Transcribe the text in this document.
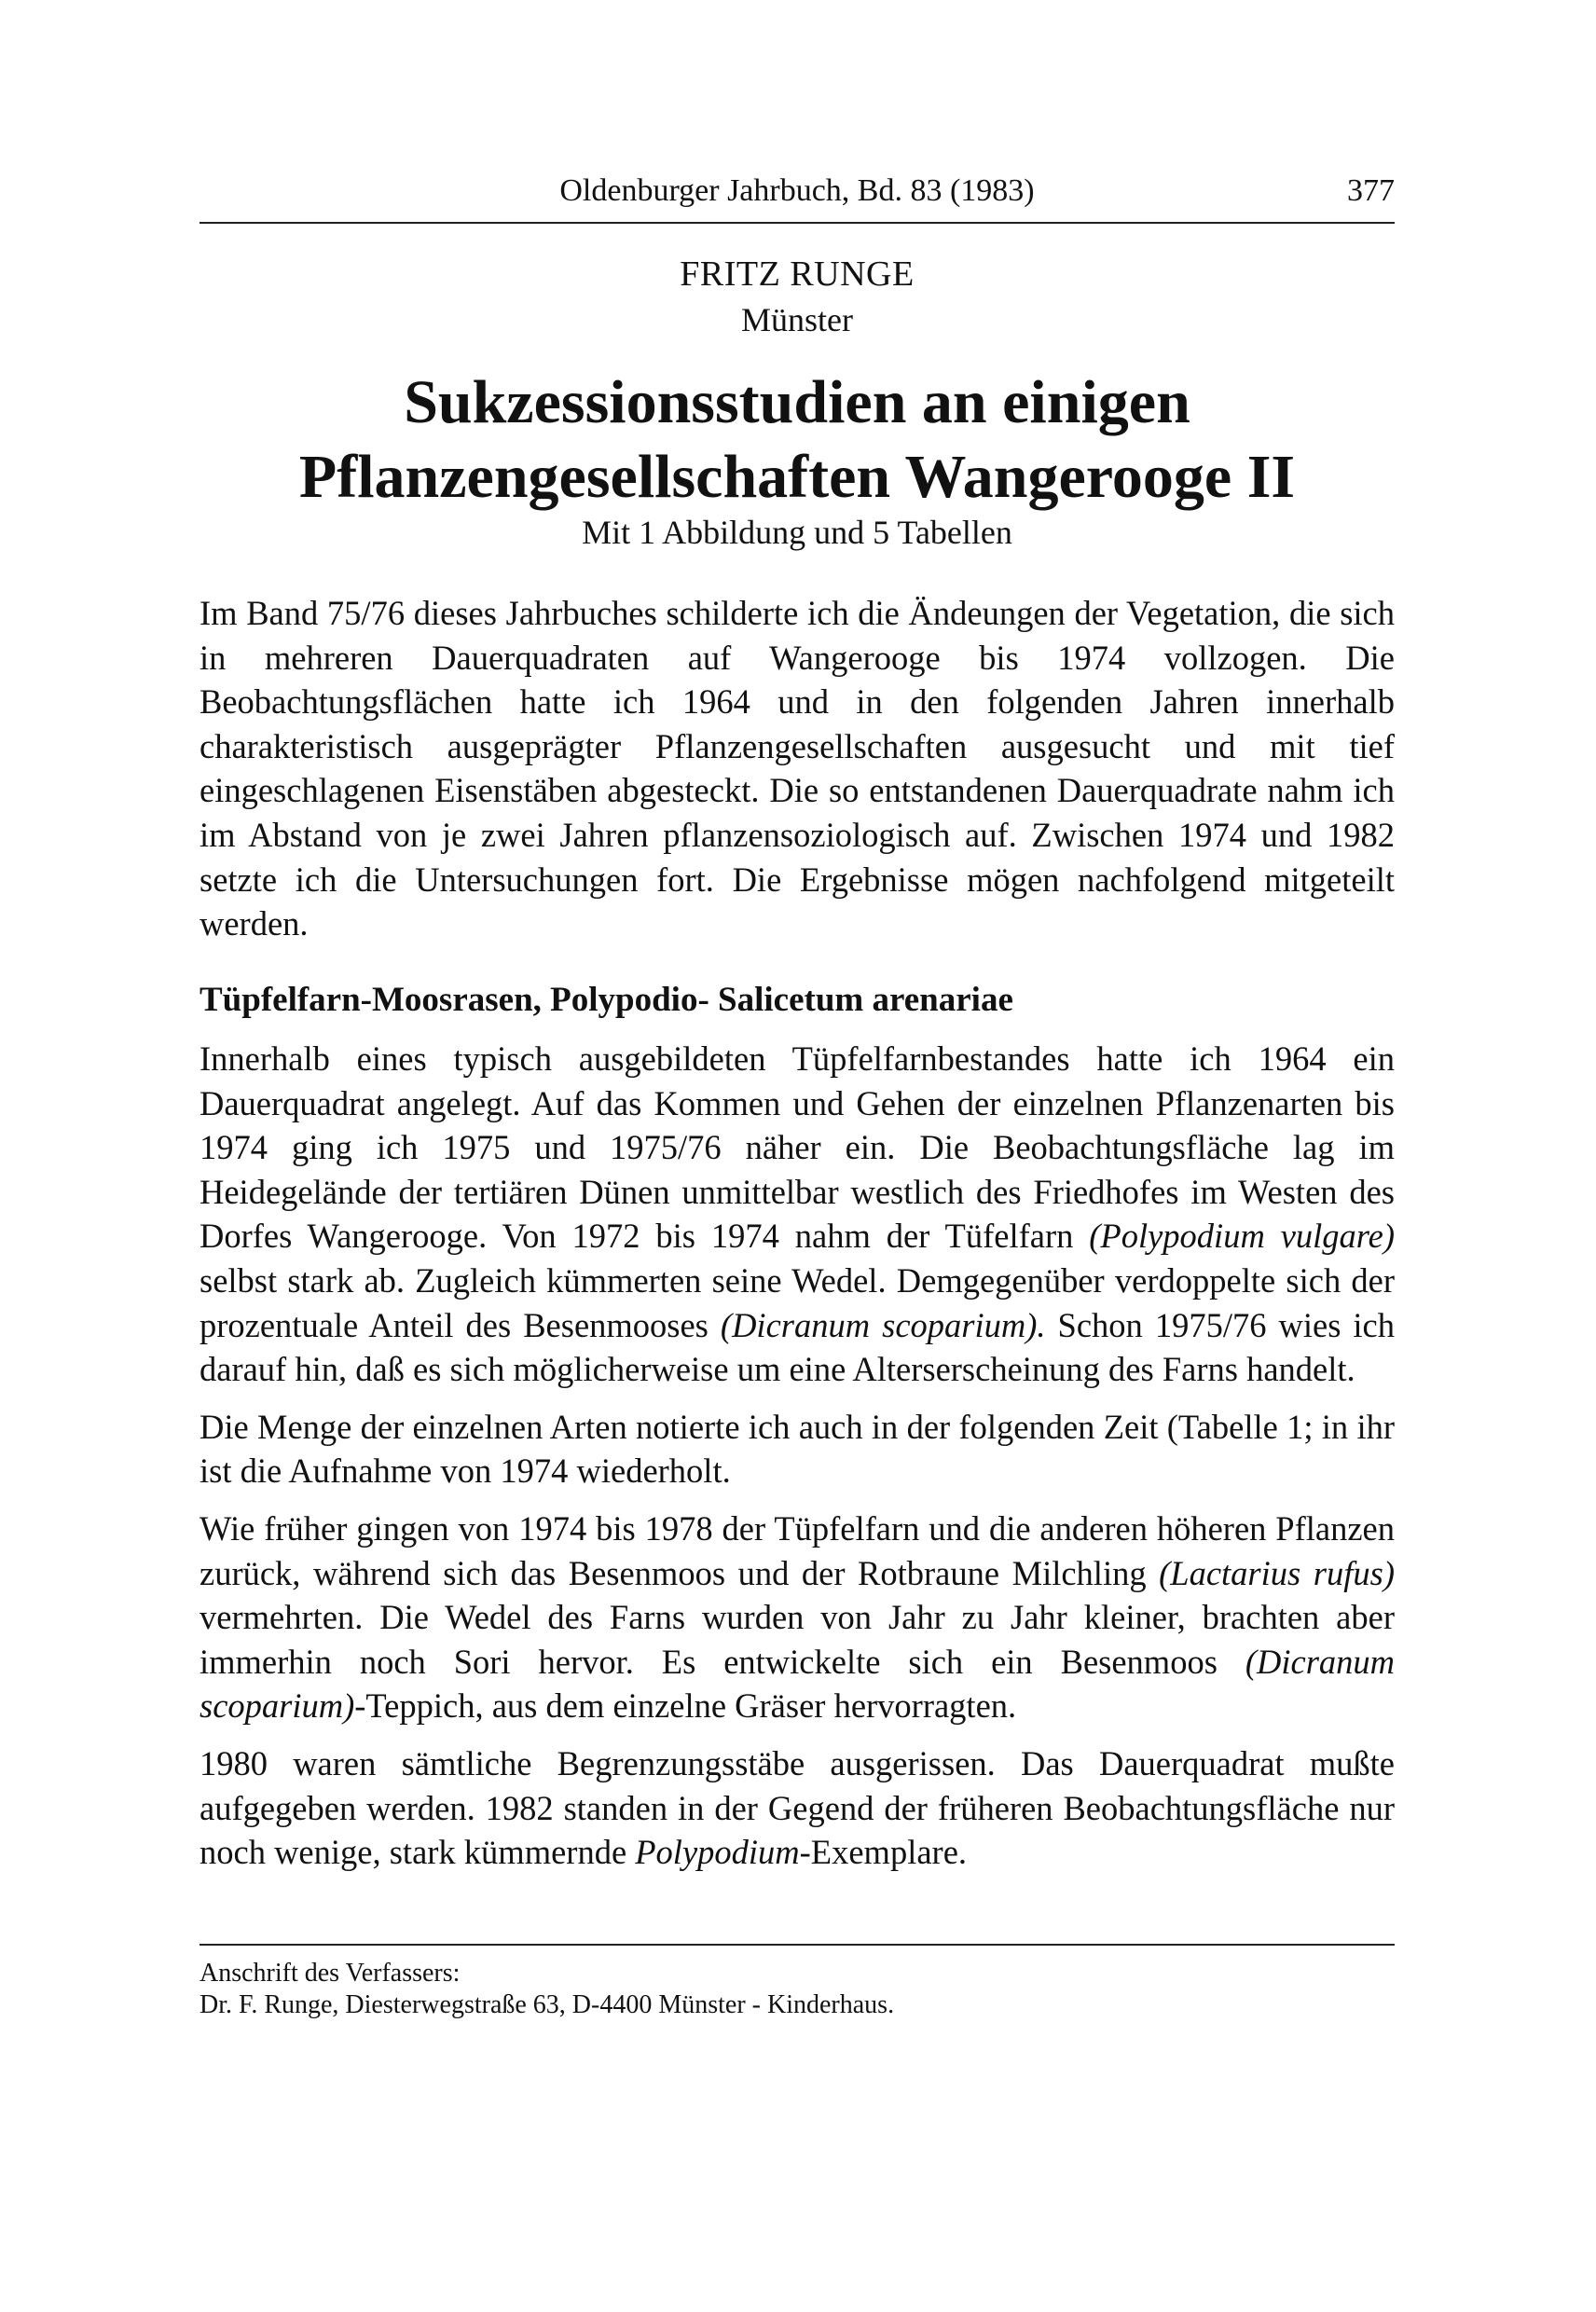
Oldenburger Jahrbuch, Bd. 83 (1983)	377
FRITZ RUNGE
Münster
Sukzessionsstudien an einigen
Pflanzengesellschaften Wangerooge II
Mit 1 Abbildung und 5 Tabellen

Im Band 75/76 dieses Jahrbuches schilderte ich die Ändeungen der Vegetation, die sich in mehreren Dauerquadraten auf Wangerooge bis 1974 vollzogen. Die Beobachtungsflächen hatte ich 1964 und in den folgenden Jahren innerhalb charakteristisch ausgeprägter Pflanzengesellschaften ausgesucht und mit tief eingeschlagenen Eisenstäben abgesteckt. Die so entstandenen Dauerquadrate nahm ich im Abstand von je zwei Jahren pflanzensoziologisch auf. Zwischen 1974 und 1982 setzte ich die Untersuchungen fort. Die Ergebnisse mögen nachfolgend mitgeteilt werden.

Tüpfelfarn-Moosrasen, Polypodio- Salicetum arenariae

Innerhalb eines typisch ausgebildeten Tüpfelfarnbestandes hatte ich 1964 ein Dauerquadrat angelegt. Auf das Kommen und Gehen der einzelnen Pflanzenarten bis 1974 ging ich 1975 und 1975/76 näher ein. Die Beobachtungsfläche lag im Heidegelände der tertiären Dünen unmittelbar westlich des Friedhofes im Westen des Dorfes Wangerooge. Von 1972 bis 1974 nahm der Tüfelfarn (Polypodium vulgare) selbst stark ab. Zugleich kümmerten seine Wedel. Demgegenüber verdoppelte sich der prozentuale Anteil des Besenmooses (Dicranum scoparium). Schon 1975/76 wies ich darauf hin, daß es sich möglicherweise um eine Alterserscheinung des Farns handelt.

Die Menge der einzelnen Arten notierte ich auch in der folgenden Zeit (Tabelle 1; in ihr ist die Aufnahme von 1974 wiederholt.

Wie früher gingen von 1974 bis 1978 der Tüpfelfarn und die anderen höheren Pflanzen zurück, während sich das Besenmoos und der Rotbraune Milchling (Lactarius rufus) vermehrten. Die Wedel des Farns wurden von Jahr zu Jahr kleiner, brachten aber immerhin noch Sori hervor. Es entwickelte sich ein Besenmoos (Dicranum scoparium)-Teppich, aus dem einzelne Gräser hervorragten.

1980 waren sämtliche Begrenzungsstäbe ausgerissen. Das Dauerquadrat mußte aufgegeben werden. 1982 standen in der Gegend der früheren Beobachtungsfläche nur noch wenige, stark kümmernde Polypodium-Exemplare.

Anschrift des Verfassers:
Dr. F. Runge, Diesterwegstraße 63, D-4400 Münster - Kinderhaus.
